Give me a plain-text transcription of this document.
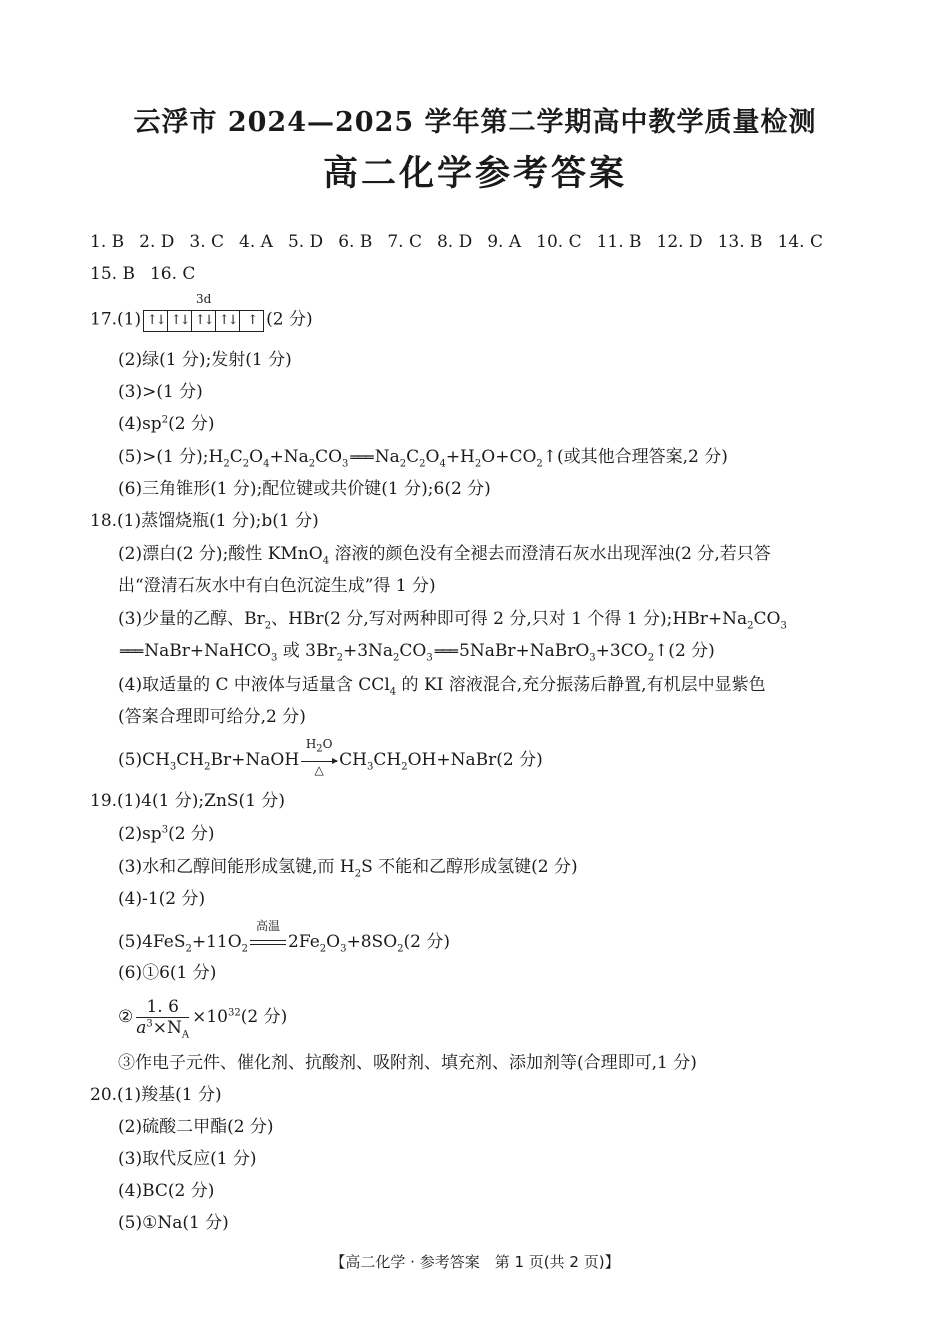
云浮市 2024—2025 学年第二学期高中教学质量检测
高二化学参考答案
1. B 2. D 3. C 4. A 5. D 6. B 7. C 8. D 9. A 10. C 11. B 12. D 13. B 14. C
15. B 16. C
17.(1)
3d
↑↓ ↑↓ ↑↓ ↑↓ ↑ (2 分)
(2)绿(1 分);发射(1 分)
(3)>(1 分)
$(4)sp^2(2$ 分)
(5)>(1 分)$;H_2C_2O_4+Na_2CO_3$ ═══ $Na_2C_2O_4+H_2O+CO_2↑$(或其他合理答案,2 分)
(6)三角锥形(1 分);配位键或共价键(1 分);6(2 分)
18.(1)蒸馏烧瓶(1 分);b(1 分)
(2)漂白(2 分);酸性 KMnO$_4$ 溶液的颜色没有全褪去而澄清石灰水出现浑浊(2 分,若只答
出“澄清石灰水中有白色沉淀生成”得 1 分)
(3)少量的乙醇、$Br_2$、HBr(2 分,写对两种即可得 2 分,只对 1 个得 1 分)$;HBr+Na_2CO_3$
═══ NaBr+NaHCO$_3$ 或 $3Br_2+3Na_2CO_3$ ═══ $5NaBr+NaBrO_3+3CO_2↑(2$ 分)
(4)取适量的 C 中液体与适量含 CCl$_4$ 的 KI 溶液混合,充分振荡后静置,有机层中显紫色
(答案合理即可给分,2 分)
$(5)CH_3CH_2Br+NaOH$
$H_2O$
△ $CH_3CH_2OH+NaBr(2$ 分)
19.(1)4(1 分);ZnS(1 分)
$(2)sp^3(2$ 分)
(3)水和乙醇间能形成氢键,而 $H_2S$ 不能和乙醇形成氢键(2 分)
(4)-1(2 分)
$(5)4FeS_2+11O_2$
高温
$2Fe_2O_3+8SO_2(2$ 分)
(6)①6(1 分)
② $\frac{1. 6}{a^3\times N_A} \times 10^{32}(2$ 分)
③作电子元件、催化剂、抗酸剂、吸附剂、填充剂、添加剂等(合理即可,1 分)
20.(1)羧基(1 分)
(2)硫酸二甲酯(2 分)
(3)取代反应(1 分)
(4)BC(2 分)
(5)①Na(1 分)
【高二化学 · 参考答案　第 1 页(共 2 页)】
